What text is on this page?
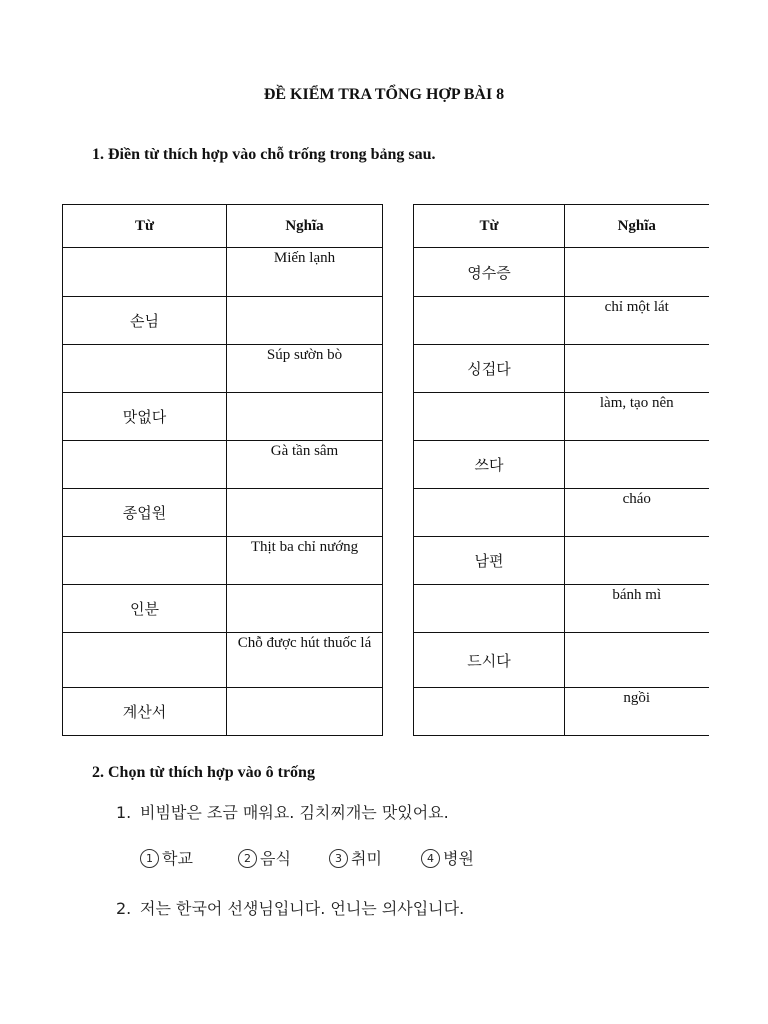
ĐỀ KIỂM TRA TỔNG HỢP BÀI 8
1. Điền từ thích hợp vào chỗ trống trong bảng sau.
Từ	Nghĩa
	Miến lạnh
손님	
	Súp sườn bò
맛없다	
	Gà tần sâm
종업원	
	Thịt ba chỉ nướng
인분	
	Chỗ được hút thuốc lá
계산서	
Từ	Nghĩa
영수증	
	chỉ một lát
싱겁다	
	làm, tạo nên
쓰다	
	cháo
남편	
	bánh mì
드시다	
	ngồi
2. Chọn từ thích hợp vào ô trống
1. 비빔밥은 조금 매워요. 김치찌개는 맛있어요.
1 학교	2 음식	3 취미	4 병원
2. 저는 한국어 선생님입니다. 언니는 의사입니다.
